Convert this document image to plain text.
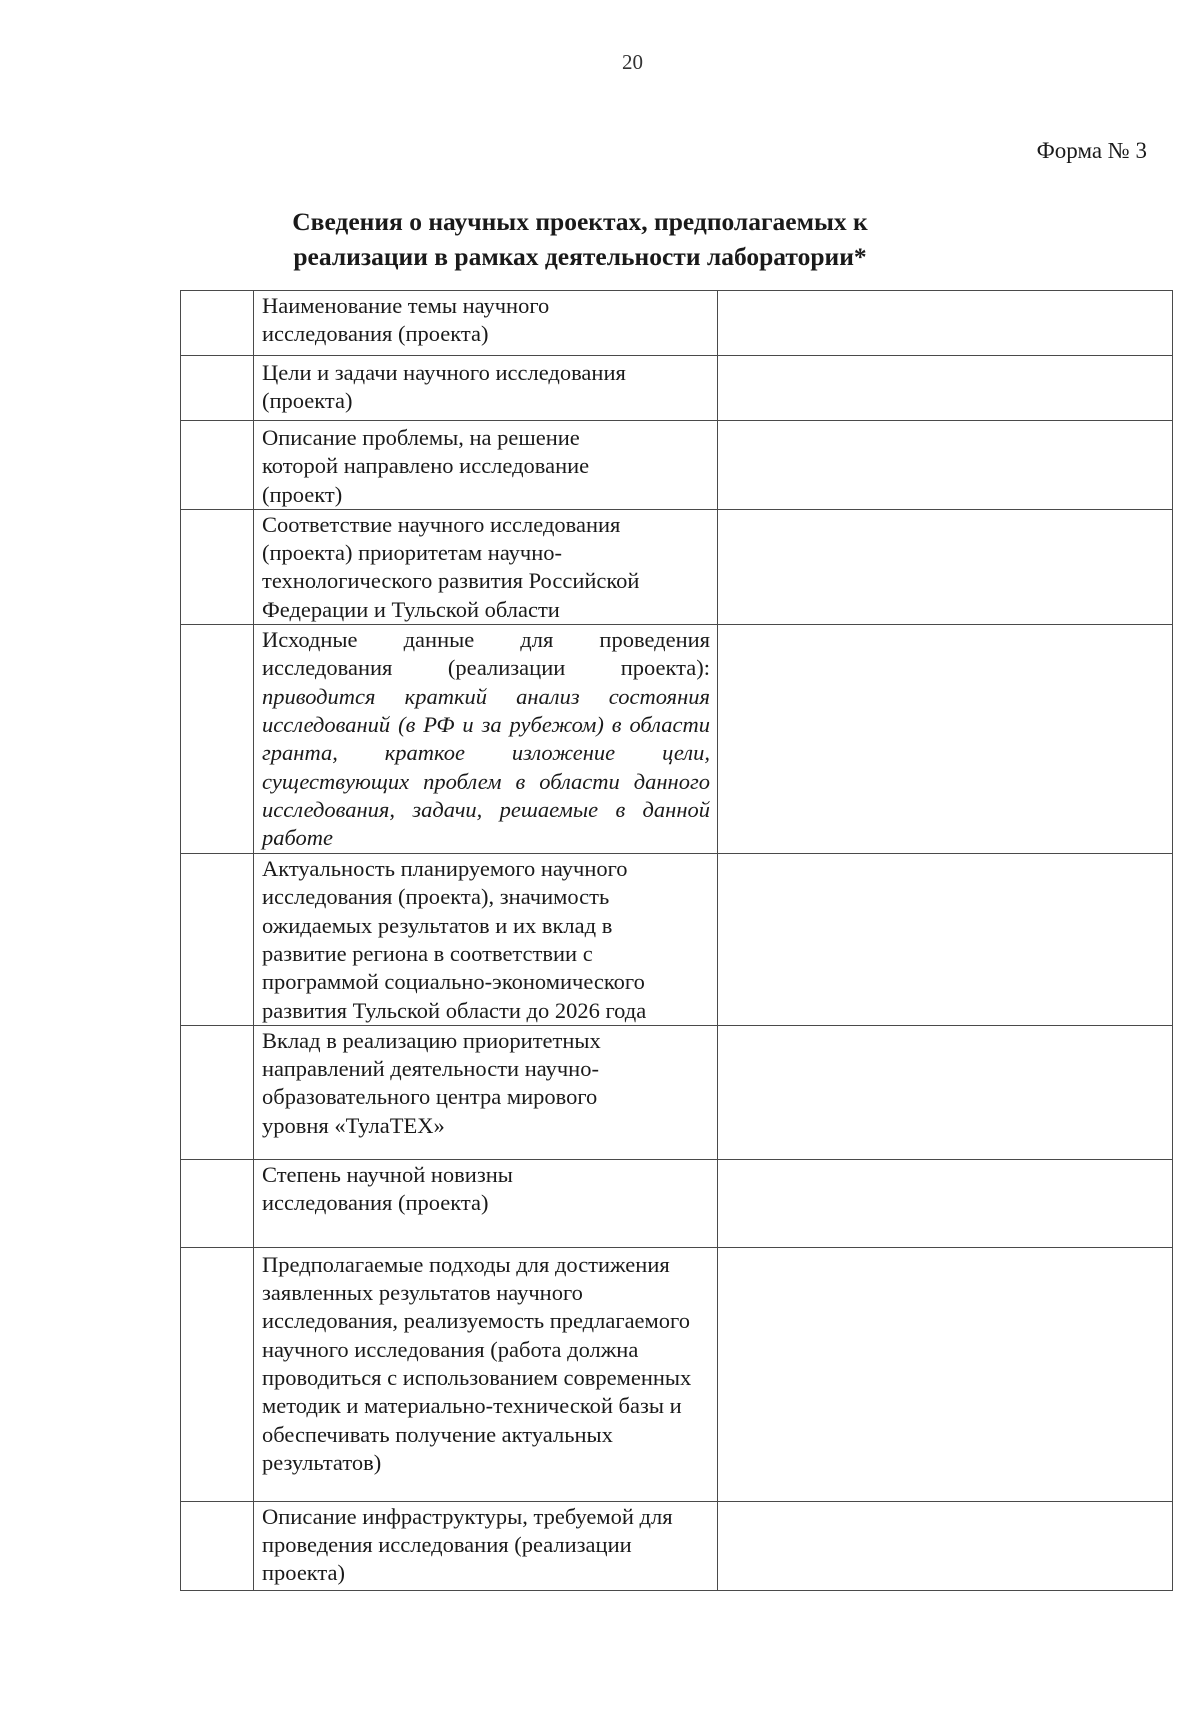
20
Форма № 3
Сведения о научных проектах, предполагаемых к
реализации в рамках деятельности лаборатории*

	Наименование темы научного исследования (проекта)	

	Цели и задачи научного исследования (проекта)	

	Описание проблемы, на решение которой направлено исследование (проект)	

	Соответствие научного исследования (проекта) приоритетам научно-технологического развития Российской Федерации и Тульской области	

	Исходные данные для проведения исследования (реализации проекта):
приводится краткий анализ состояния исследований (в РФ и за рубежом) в области гранта, краткое изложение цели, существующих проблем в области данного исследования, задачи, решаемые в данной работе	

	Актуальность планируемого научного исследования (проекта), значимость ожидаемых результатов и их вклад в развитие региона в соответствии с программой социально-экономического развития Тульской области до 2026 года	

	Вклад в реализацию приоритетных направлений деятельности научно-образовательного центра мирового уровня «ТулаТЕХ»	

	Степень научной новизны исследования (проекта)	

	Предполагаемые подходы для достижения заявленных результатов научного исследования, реализуемость предлагаемого научного исследования (работа должна проводиться с использованием современных методик и материально-технической базы и обеспечивать получение актуальных результатов)	

	Описание инфраструктуры, требуемой для проведения исследования (реализации проекта)	
